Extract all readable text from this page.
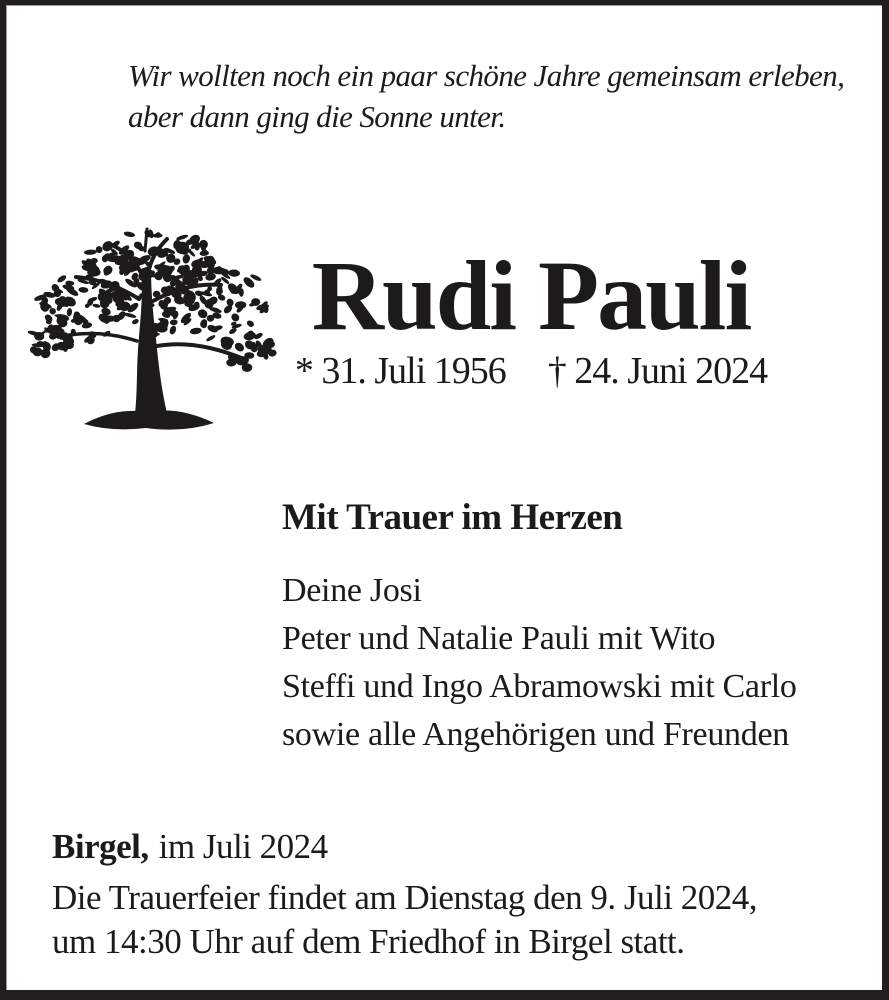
Wir wollten noch ein paar schöne Jahre gemeinsam erleben,
aber dann ging die Sonne unter.
Rudi Pauli
* 31. Juli 1956 † 24. Juni 2024
Mit Trauer im Herzen
Deine Josi
Peter und Natalie Pauli mit Wito
Steffi und Ingo Abramowski mit Carlo
sowie alle Angehörigen und Freunden
Birgel, im Juli 2024
Die Trauerfeier findet am Dienstag den 9. Juli 2024,
um 14:30 Uhr auf dem Friedhof in Birgel statt.
